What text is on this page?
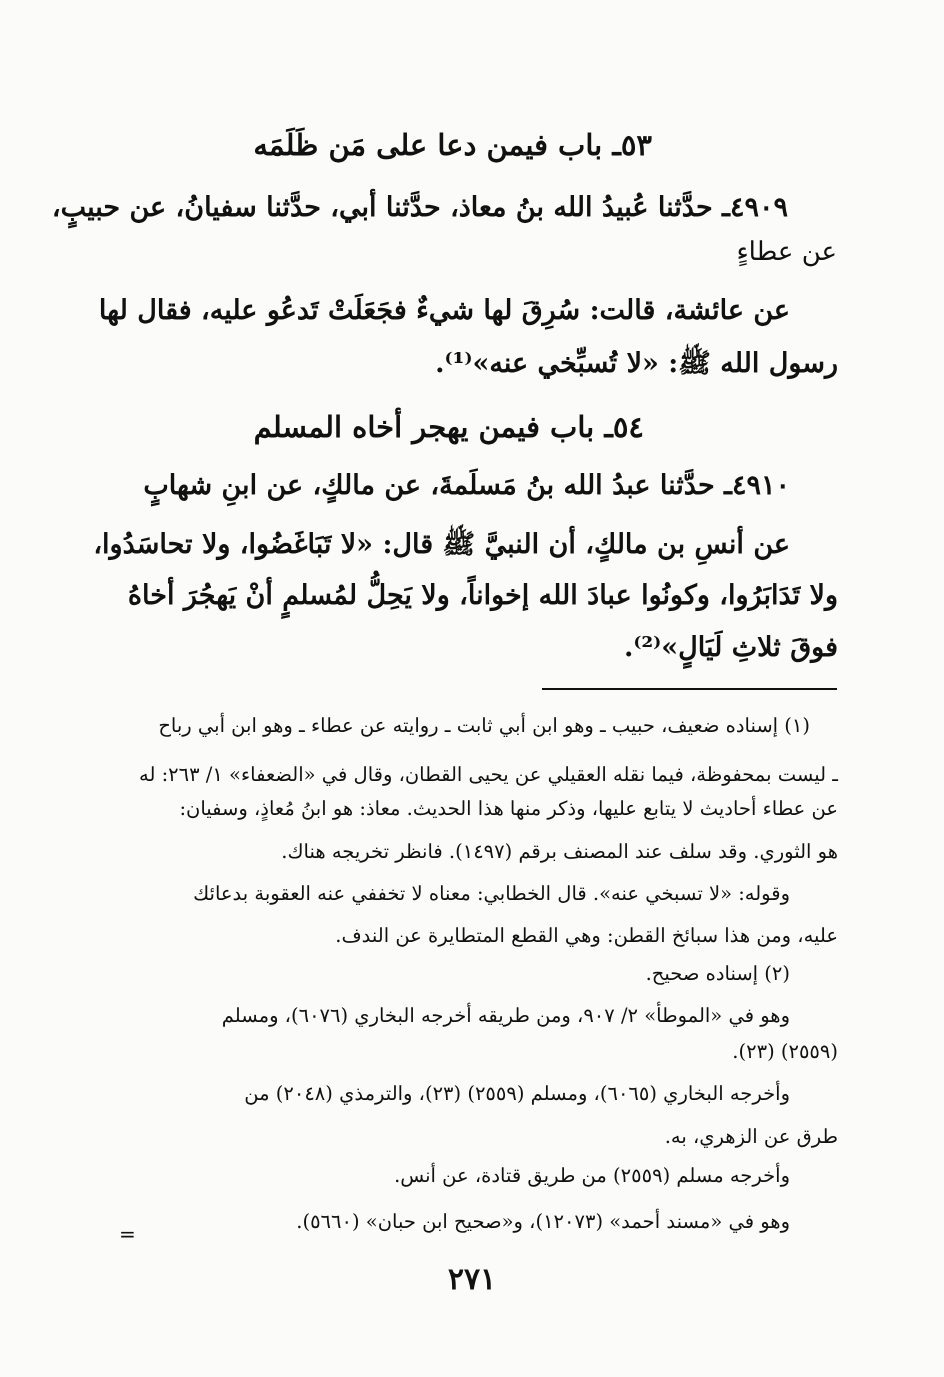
٥٣ـ باب فيمن دعا على مَن ظَلَمَه
٤٩٠٩ـ حدَّثنا عُبيدُ الله بنُ معاذ، حدَّثنا أبي، حدَّثنا سفيانُ، عن حبيبٍ،
عن عطاءٍ
عن عائشة، قالت: سُرِقَ لها شيءٌ فجَعَلَتْ تَدعُو عليه، فقال لها
رسول الله ﷺ: «لا تُسبِّخي عنه»⁽¹⁾.
٥٤ـ باب فيمن يهجر أخاه المسلم
٤٩١٠ـ حدَّثنا عبدُ الله بنُ مَسلَمةَ، عن مالكٍ، عن ابنِ شهابٍ
عن أنسِ بن مالكٍ، أن النبيَّ ﷺ قال: «لا تَبَاغَضُوا، ولا تحاسَدُوا،
ولا تَدَابَرُوا، وكونُوا عبادَ الله إخواناً، ولا يَحِلُّ لمُسلمٍ أنْ يَهجُرَ أخاهُ
فوقَ ثلاثِ لَيَالٍ»⁽²⁾.
(١) إسناده ضعيف، حبيب ـ وهو ابن أبي ثابت ـ روايته عن عطاء ـ وهو ابن أبي رباح
ـ ليست بمحفوظة، فيما نقله العقيلي عن يحيى القطان، وقال في «الضعفاء» ١/ ٢٦٣: له
عن عطاء أحاديث لا يتابع عليها، وذكر منها هذا الحديث. معاذ: هو ابنُ مُعاذٍ، وسفيان:
هو الثوري. وقد سلف عند المصنف برقم (١٤٩٧). فانظر تخريجه هناك.
وقوله: «لا تسبخي عنه». قال الخطابي: معناه لا تخففي عنه العقوبة بدعائك
عليه، ومن هذا سبائخ القطن: وهي القطع المتطايرة عن الندف.
(٢) إسناده صحيح.
وهو في «الموطأ» ٢/ ٩٠٧، ومن طريقه أخرجه البخاري (٦٠٧٦)، ومسلم
(٢٥٥٩) (٢٣).
وأخرجه البخاري (٦٠٦٥)، ومسلم (٢٥٥٩) (٢٣)، والترمذي (٢٠٤٨) من
طرق عن الزهري، به.
وأخرجه مسلم (٢٥٥٩) من طريق قتادة، عن أنس.
وهو في «مسند أحمد» (١٢٠٧٣)، و«صحيح ابن حبان» (٥٦٦٠).
=
٢٧١
